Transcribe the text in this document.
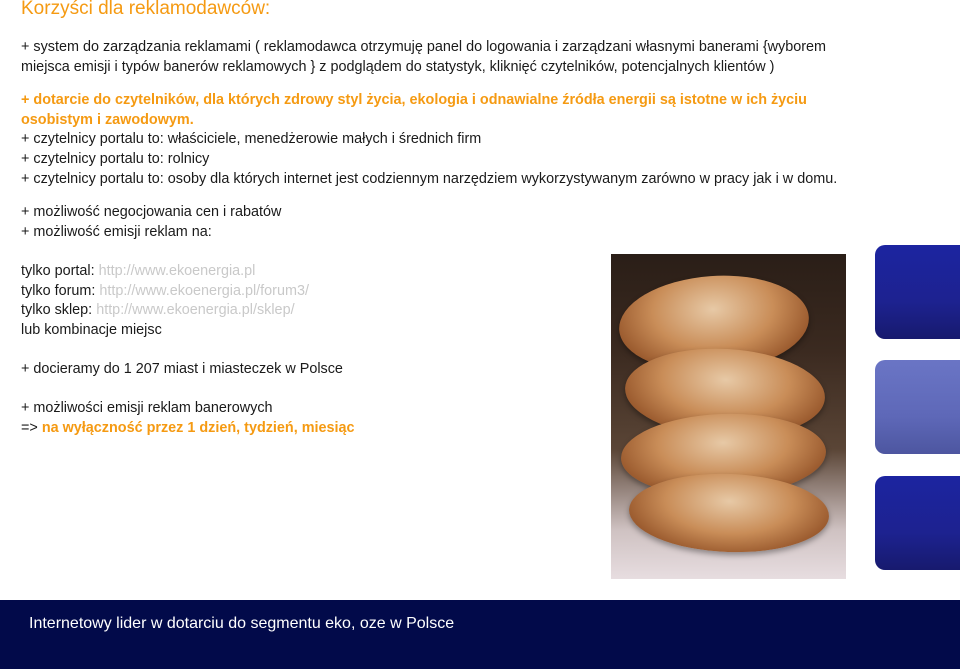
Korzyści dla reklamodawców:

+ system do zarządzania reklamami ( reklamodawca otrzymuję panel do logowania i zarządzani własnymi banerami {wyborem miejsca emisji i typów banerów reklamowych } z podglądem do statystyk, kliknięć czytelników, potencjalnych klientów )

+ dotarcie do czytelników, dla których zdrowy styl życia, ekologia i odnawialne źródła energii są istotne w ich życiu osobistym i zawodowym.

+ czytelnicy portalu to: właściciele, menedżerowie małych i średnich firm

+ czytelnicy portalu to: rolnicy

+ czytelnicy portalu to: osoby dla których internet jest codziennym narzędziem wykorzystywanym zarówno w pracy jak i w domu.

+ możliwość negocjowania cen i rabatów

+ możliwość emisji reklam na:

tylko portal: http://www.ekoenergia.pl

tylko forum: http://www.ekoenergia.pl/forum3/

tylko sklep: http://www.ekoenergia.pl/sklep/

lub kombinacje miejsc

+ docieramy do 1 207 miast i miasteczek w Polsce

+ możliwości emisji reklam banerowych

=> na wyłączność przez 1 dzień, tydzień, miesiąc

Internetowy lider w dotarciu do segmentu eko, oze w Polsce
